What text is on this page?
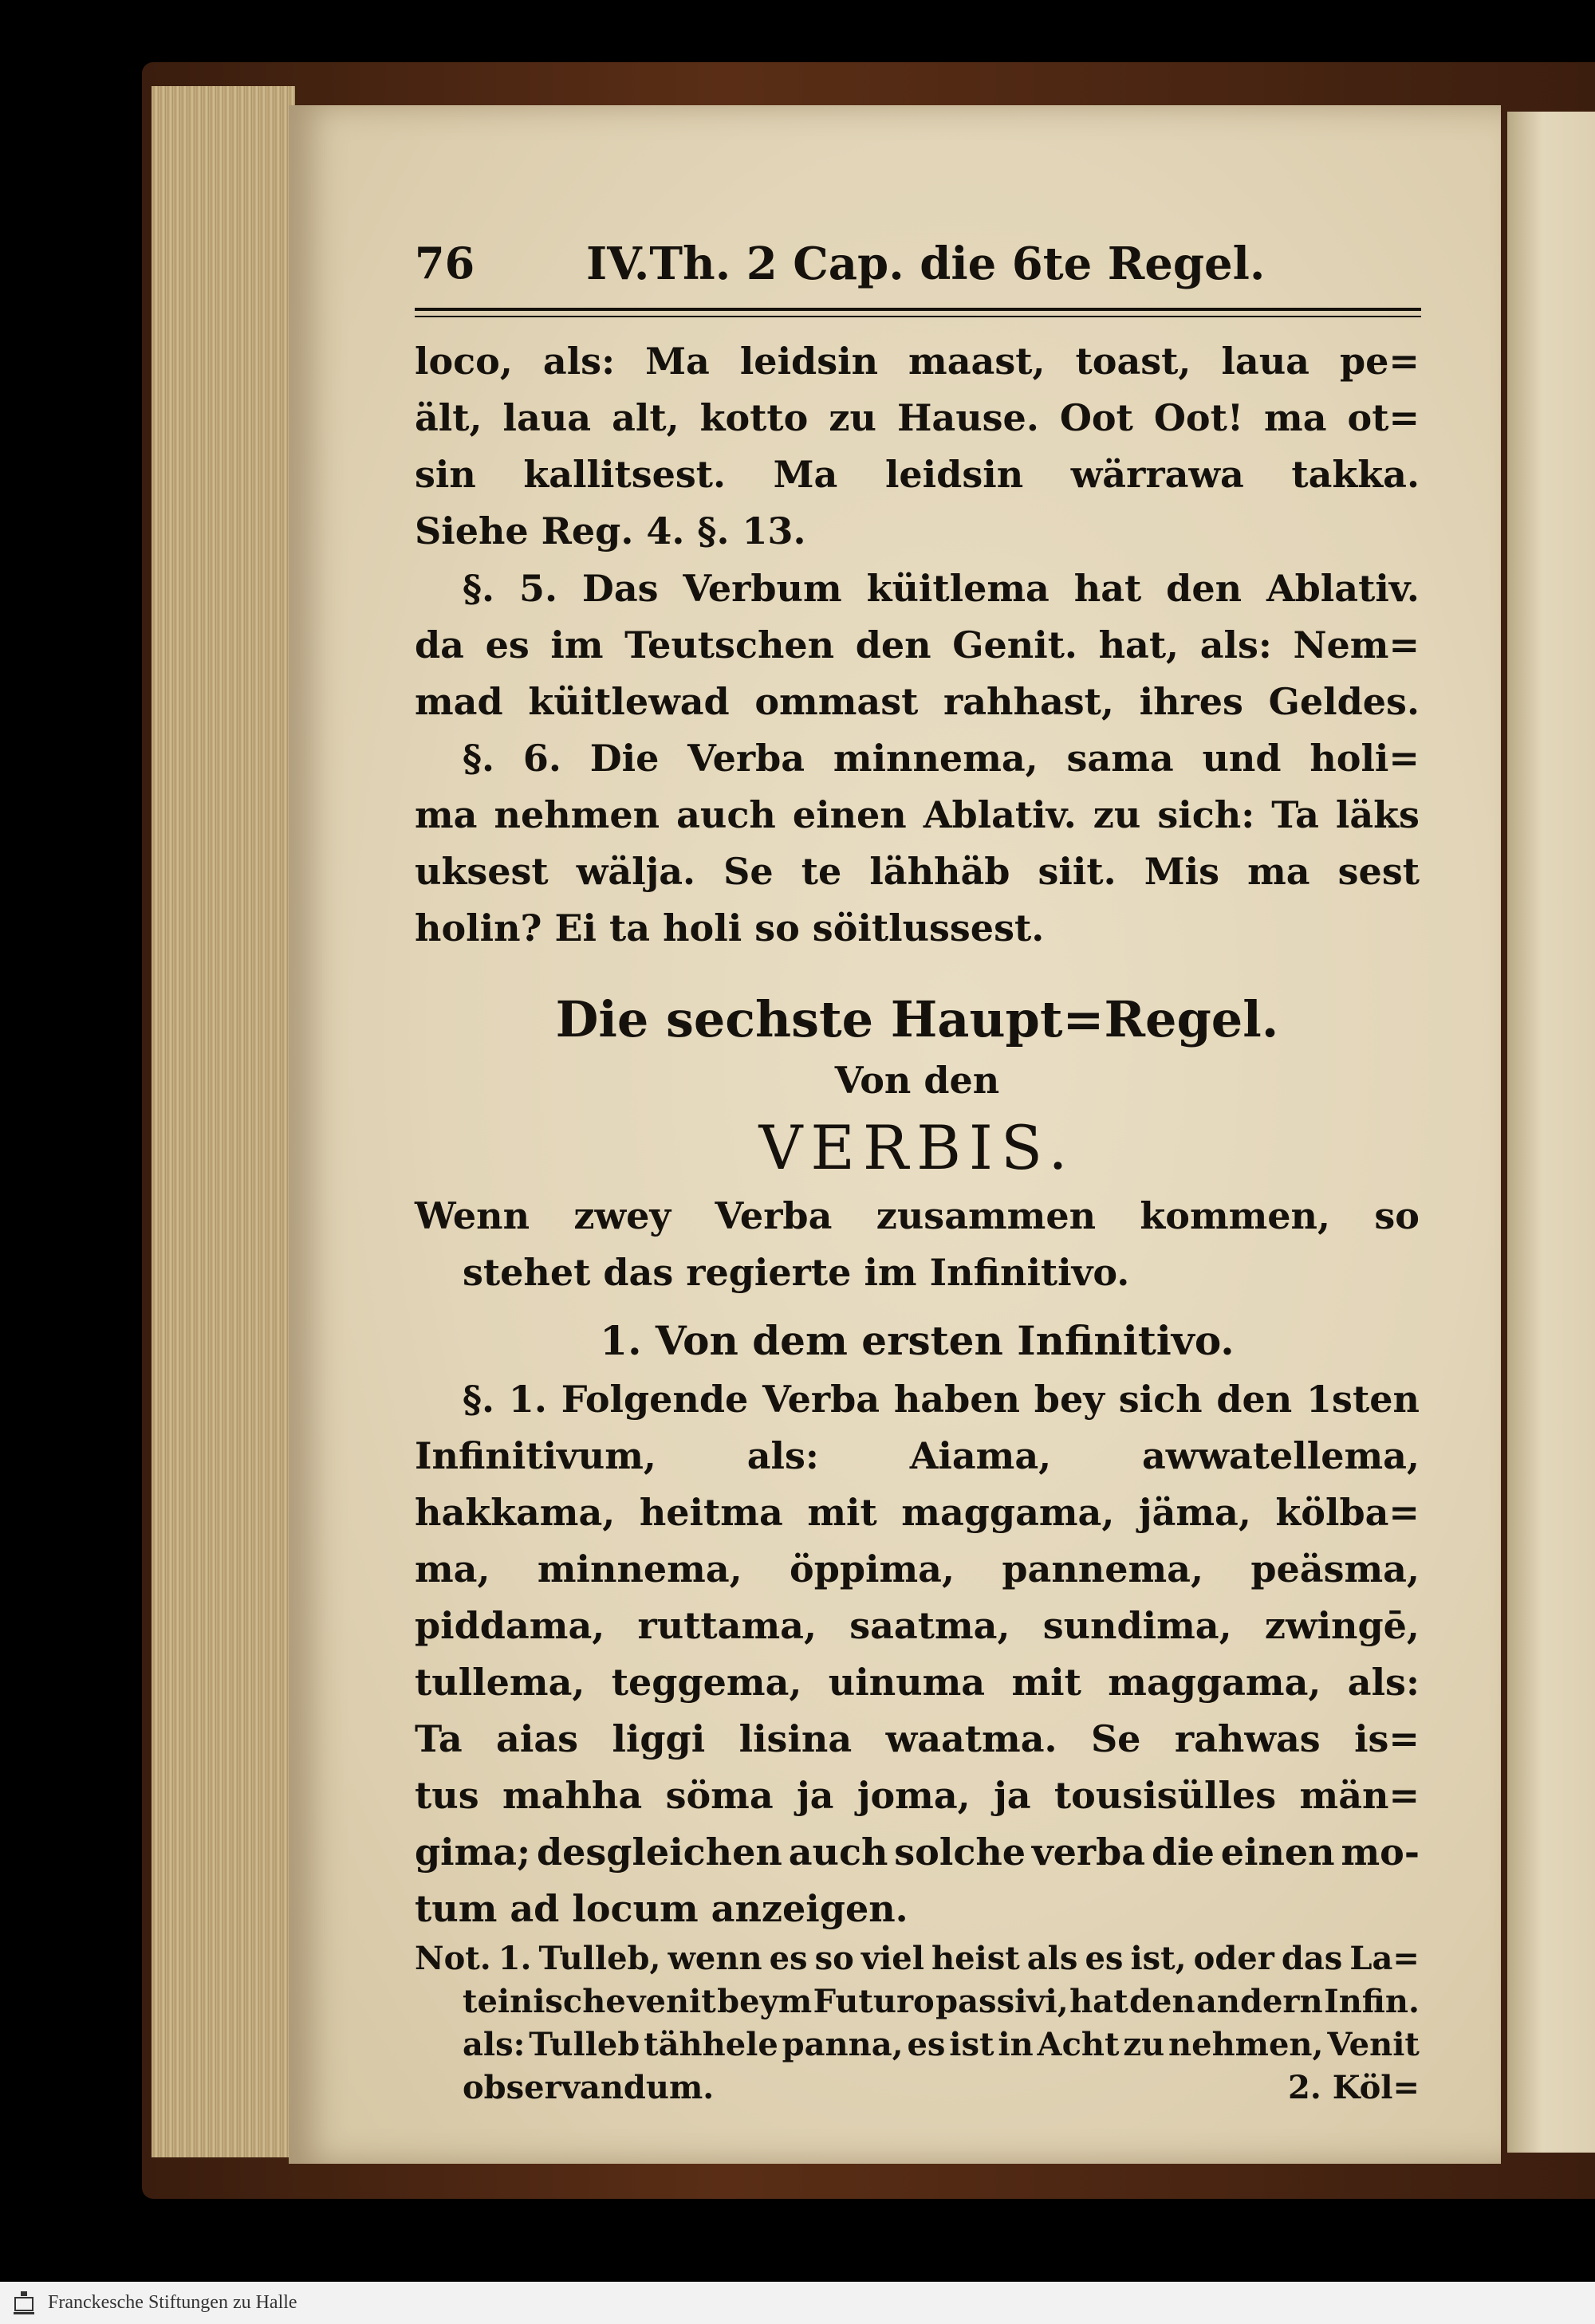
76 IV.Th. 2 Cap. die 6te Regel.
loco, als: Ma leidsin maast, toast, laua pe=
ält, laua alt, kotto zu Hause. Oot Oot! ma ot=
sin kallitsest. Ma leidsin wärrawa takka.
Siehe Reg. 4. §. 13.
§. 5. Das Verbum küitlema hat den Ablativ.
da es im Teutschen den Genit. hat, als: Nem=
mad küitlewad ommast rahhast, ihres Geldes.
§. 6. Die Verba minnema, sama und holi=
ma nehmen auch einen Ablativ. zu sich: Ta läks
uksest wälja. Se te lähhäb siit. Mis ma sest
holin? Ei ta holi so söitlussest.
Die sechste Haupt=Regel.
Von den
VERBIS.
Wenn zwey Verba zusammen kommen, so
stehet das regierte im Infinitivo.
1. Von dem ersten Infinitivo.
§. 1. Folgende Verba haben bey sich den 1sten
Infinitivum, als: Aiama, awwatellema,
hakkama, heitma mit maggama, jäma, kölba=
ma, minnema, öppima, pannema, peäsma,
piddama, ruttama, saatma, sundima, zwingē,
tullema, teggema, uinuma mit maggama, als:
Ta aias liggi lisina waatma. Se rahwas is=
tus mahha söma ja joma, ja tousisülles män=
gima; desgleichen auch solche verba die einen mo-
tum ad locum anzeigen.
Not. 1. Tulleb, wenn es so viel heist als es ist, oder das La=
teinische venit beym Futuro passivi, hat den andern Infin.
als: Tulleb tähhele panna, es ist in Acht zu nehmen, Venit
observandum.	2. Köl=
Franckesche Stiftungen zu Halle
